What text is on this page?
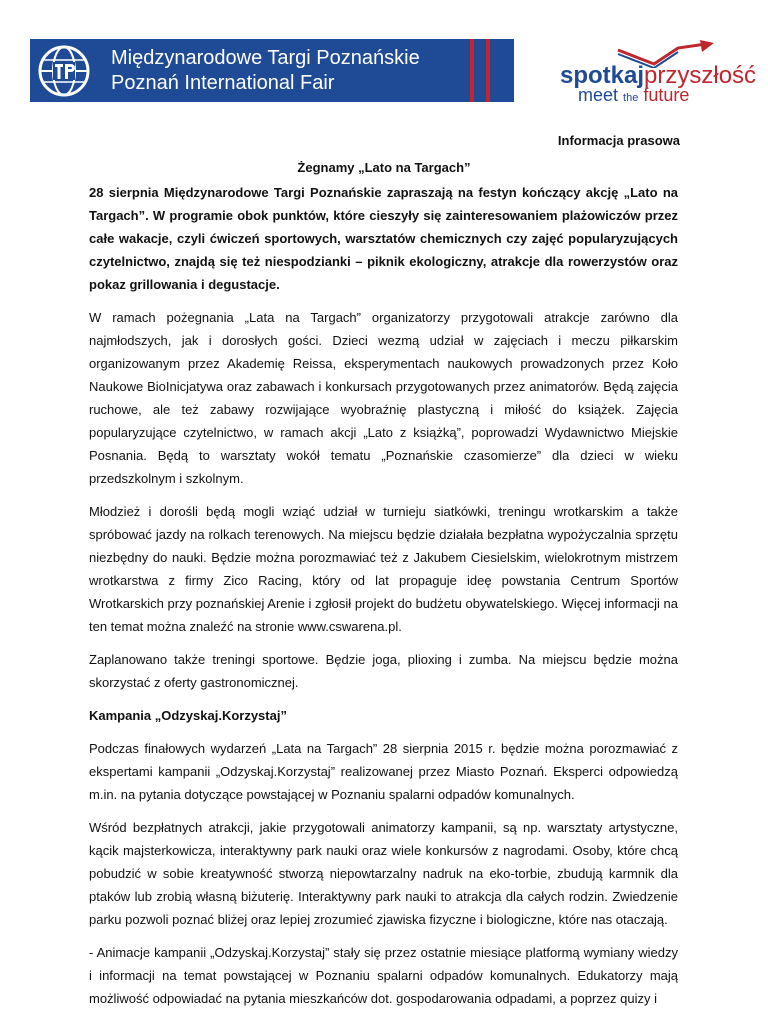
Międzynarodowe Targi Poznańskie
Poznań International Fair	spotkajprzyszłość
meet the future
Informacja prasowa
Żegnamy „Lato na Targach”

28 sierpnia Międzynarodowe Targi Poznańskie zapraszają na festyn kończący akcję „Lato na Targach”. W programie obok punktów, które cieszyły się zainteresowaniem plażowiczów przez całe wakacje, czyli ćwiczeń sportowych, warsztatów chemicznych czy zajęć popularyzujących czytelnictwo, znajdą się też niespodzianki – piknik ekologiczny, atrakcje dla rowerzystów oraz pokaz grillowania i degustacje.

W ramach pożegnania „Lata na Targach” organizatorzy przygotowali atrakcje zarówno dla najmłodszych, jak i dorosłych gości. Dzieci wezmą udział w zajęciach i meczu piłkarskim organizowanym przez Akademię Reissa, eksperymentach naukowych prowadzonych przez Koło Naukowe BioInicjatywa oraz zabawach i konkursach przygotowanych przez animatorów. Będą zajęcia ruchowe, ale też zabawy rozwijające wyobraźnię plastyczną i miłość do książek. Zajęcia popularyzujące czytelnictwo, w ramach akcji „Lato z książką”, poprowadzi Wydawnictwo Miejskie Posnania. Będą to warsztaty wokół tematu „Poznańskie czasomierze” dla dzieci w wieku przedszkolnym i szkolnym.

Młodzież i dorośli będą mogli wziąć udział w turnieju siatkówki, treningu wrotkarskim a także spróbować jazdy na rolkach terenowych. Na miejscu będzie działała bezpłatna wypożyczalnia sprzętu niezbędny do nauki. Będzie można porozmawiać też z Jakubem Ciesielskim, wielokrotnym mistrzem wrotkarstwa z firmy Zico Racing, który od lat propaguje ideę powstania Centrum Sportów Wrotkarskich przy poznańskiej Arenie i zgłosił projekt do budżetu obywatelskiego. Więcej informacji na ten temat można znaleźć na stronie www.cswarena.pl.

Zaplanowano także treningi sportowe. Będzie joga, plioxing i zumba. Na miejscu będzie można skorzystać z oferty gastronomicznej.

Kampania „Odzyskaj.Korzystaj”

Podczas finałowych wydarzeń „Lata na Targach” 28 sierpnia 2015 r. będzie można porozmawiać z ekspertami kampanii „Odzyskaj.Korzystaj” realizowanej przez Miasto Poznań. Eksperci odpowiedzą m.in. na pytania dotyczące powstającej w Poznaniu spalarni odpadów komunalnych.

Wśród bezpłatnych atrakcji, jakie przygotowali animatorzy kampanii, są np. warsztaty artystyczne, kącik majsterkowicza, interaktywny park nauki oraz wiele konkursów z nagrodami. Osoby, które chcą pobudzić w sobie kreatywność stworzą niepowtarzalny nadruk na eko-torbie, zbudują karmnik dla ptaków lub zrobią własną biżuterię. Interaktywny park nauki to atrakcja dla całych rodzin. Zwiedzenie parku pozwoli poznać bliżej oraz lepiej zrozumieć zjawiska fizyczne i biologiczne, które nas otaczają.

- Animacje kampanii „Odzyskaj.Korzystaj” stały się przez ostatnie miesiące platformą wymiany wiedzy i informacji na temat powstającej w Poznaniu spalarni odpadów komunalnych. Edukatorzy mają możliwość odpowiadać na pytania mieszkańców dot. gospodarowania odpadami, a poprzez quizy i
